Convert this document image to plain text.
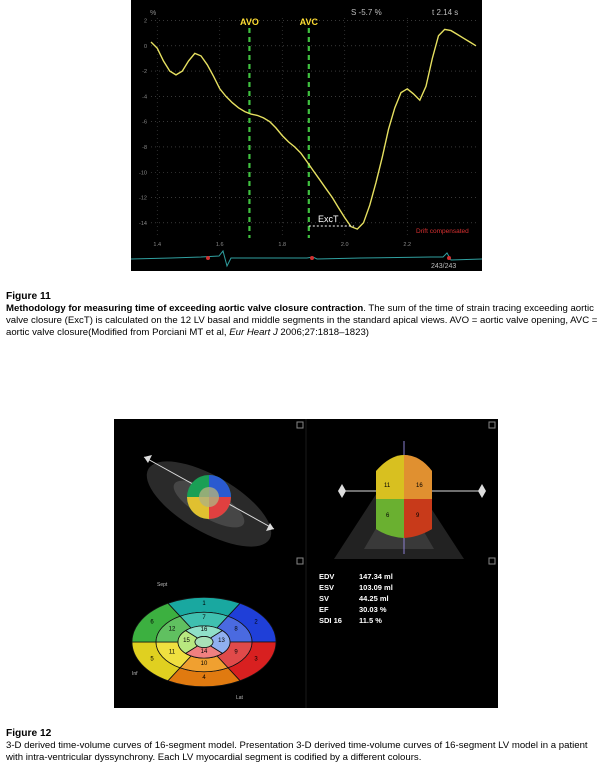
2
0
-2
-4
-6
-8
-10
-12
-14
1.4	1.6	1.8	2.0	2.2
%	S -5.7 %	t 2.14 s
AVO	AVC
ExcT
Drift compensated
243/243
Figure 11
Methodology for measuring time of exceeding aortic valve closure contraction. The sum of the time of strain tracing exceeding aortic valve closure (ExcT) is calculated on the 12 LV basal and middle segments in the standard apical views. AVO = aortic valve opening, AVC = aortic valve closure(Modified from Porciani MT et al, Eur Heart J 2006;27:1818–1823)
11	16
9
6
Sept
Inf
Lat
1
2
3
4
5
6
7
8
9
10
11
12	16
13
14
15
EDV	147.34 ml
ESV	103.09 ml
SV	44.25 ml
EF	30.03 %
SDI 16 11.5 %
Figure 12
3-D derived time-volume curves of 16-segment model. Presentation 3-D derived time-volume curves of 16-segment LV model in a patient with intra-ventricular dyssynchrony. Each LV myocardial segment is codified by a different colours.
